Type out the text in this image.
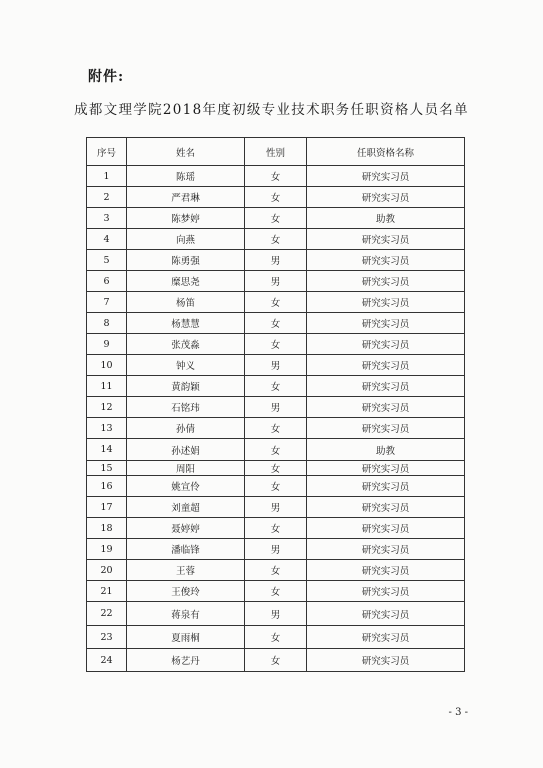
附件:
成都文理学院2018年度初级专业技术职务任职资格人员名单
序号	姓名	性别	任职资格名称
1	陈瑶	女	研究实习员
2	严君琳	女	研究实习员
3	陈梦婷	女	助教
4	向燕	女	研究实习员
5	陈勇强	男	研究实习员
6	糜思尧	男	研究实习员
7	杨笛	女	研究实习员
8	杨慧慧	女	研究实习员
9	张茂淼	女	研究实习员
10	钟义	男	研究实习员
11	黄韵颖	女	研究实习员
12	石铭玮	男	研究实习员
13	孙倩	女	研究实习员
14	孙述娟	女	助教
15	周阳	女	研究实习员
16	姚宣伶	女	研究实习员
17	刘童超	男	研究实习员
18	聂婷婷	女	研究实习员
19	潘临锋	男	研究实习员
20	王蓉	女	研究实习员
21	王俊玲	女	研究实习员
22	蒋泉有	男	研究实习员
23	夏雨桐	女	研究实习员
24	杨艺丹	女	研究实习员
- 3 -
